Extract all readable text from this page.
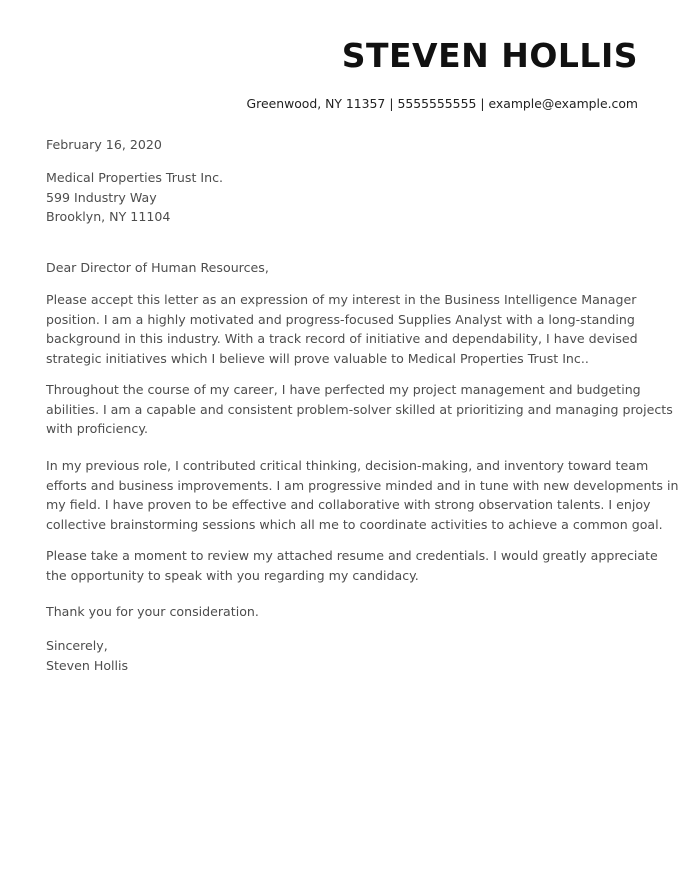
STEVEN HOLLIS
Greenwood, NY 11357 | 5555555555 | example@example.com
February 16, 2020
Medical Properties Trust Inc.
599 Industry Way
Brooklyn, NY 11104
Dear Director of Human Resources,
Please accept this letter as an expression of my interest in the Business Intelligence Manager
position. I am a highly motivated and progress-focused Supplies Analyst with a long-standing
background in this industry. With a track record of initiative and dependability, I have devised
strategic initiatives which I believe will prove valuable to Medical Properties Trust Inc..
Throughout the course of my career, I have perfected my project management and budgeting
abilities. I am a capable and consistent problem-solver skilled at prioritizing and managing projects
with proficiency.
In my previous role, I contributed critical thinking, decision-making, and inventory toward team
efforts and business improvements. I am progressive minded and in tune with new developments in
my field. I have proven to be effective and collaborative with strong observation talents. I enjoy
collective brainstorming sessions which all me to coordinate activities to achieve a common goal.
Please take a moment to review my attached resume and credentials. I would greatly appreciate
the opportunity to speak with you regarding my candidacy.
Thank you for your consideration.
Sincerely,
Steven Hollis
